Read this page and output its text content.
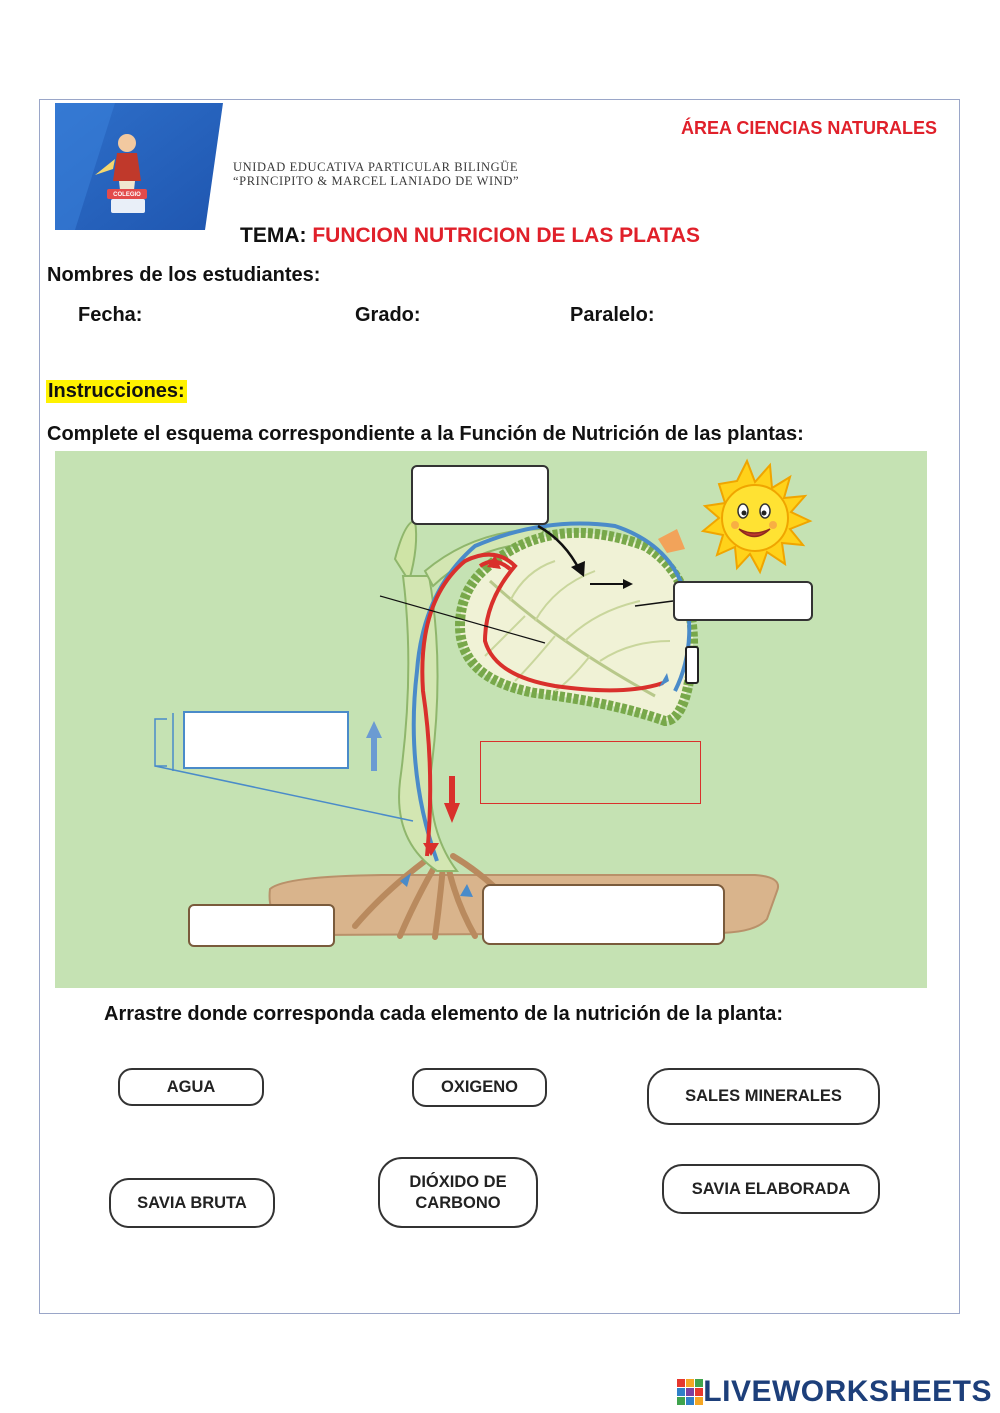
COLEGIO
UNIDAD EDUCATIVA PARTICULAR BILINGÜE
“PRINCIPITO & MARCEL LANIADO DE WIND”
ÁREA CIENCIAS NATURALES
TEMA: FUNCION NUTRICION DE LAS PLATAS
Nombres de los estudiantes:
Fecha:	Grado:	Paralelo:
Instrucciones:
Complete el esquema correspondiente a la Función de Nutrición de las plantas:
Arrastre donde corresponda cada elemento de la nutrición de la planta:
AGUA	OXIGENO	SALES MINERALES
SAVIA BRUTA
DIÓXIDO DE
CARBONO
SAVIA ELABORADA
LIVEWORKSHEETS
